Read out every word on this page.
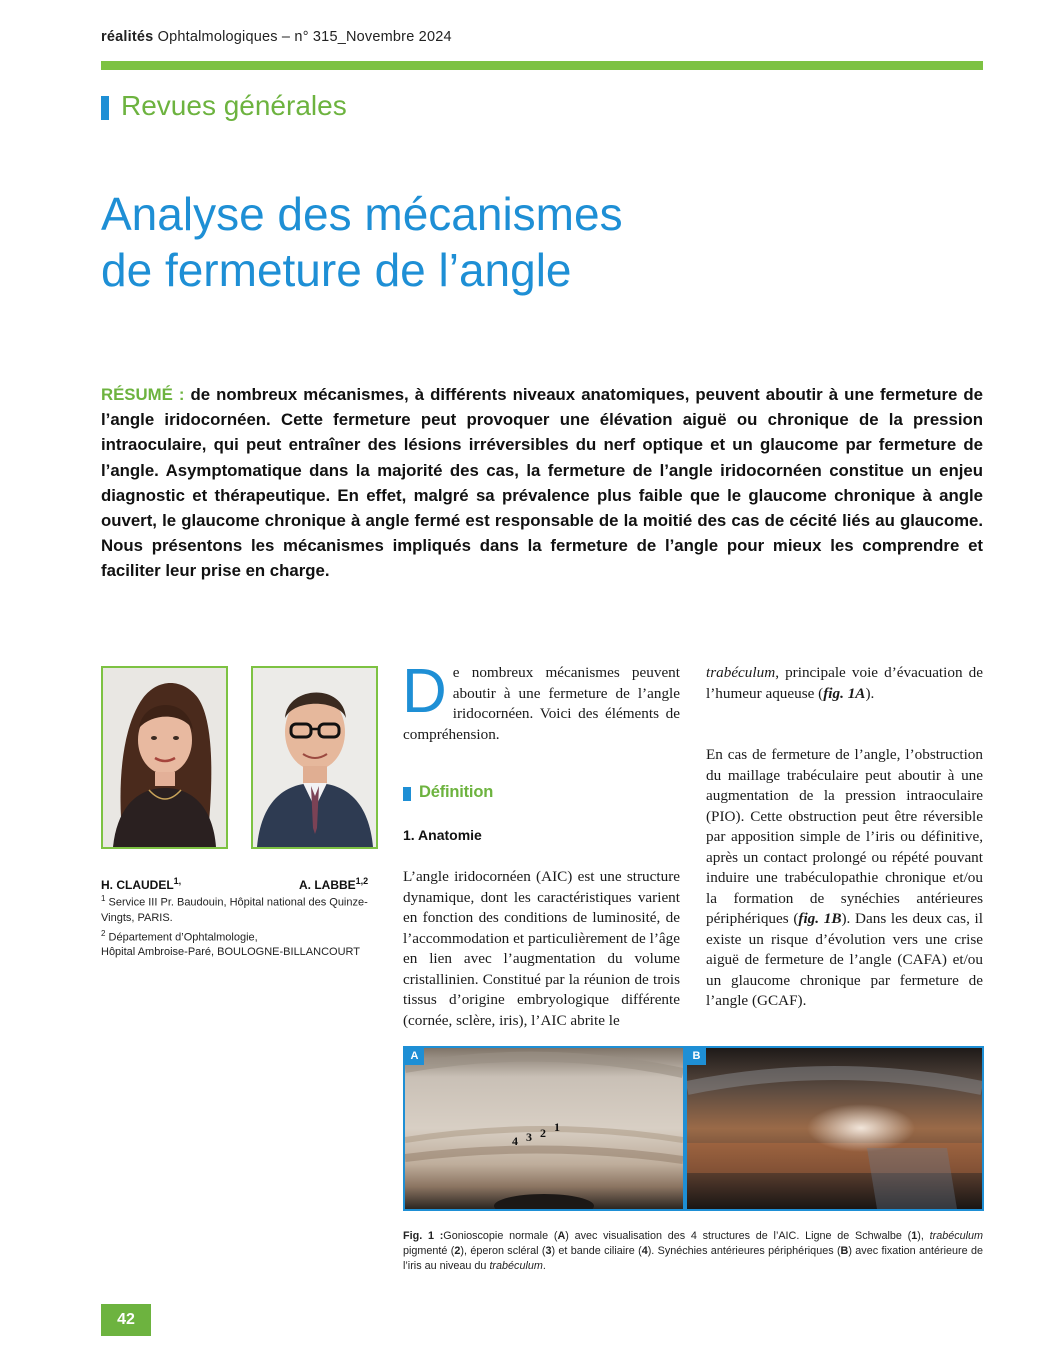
réalités Ophtalmologiques – n° 315_Novembre 2024
Revues générales
Analyse des mécanismes
de fermeture de l’angle
RÉSUMÉ : de nombreux mécanismes, à différents niveaux anatomiques, peuvent aboutir à une fermeture de l’angle iridocornéen. Cette fermeture peut provoquer une élévation aiguë ou chronique de la pression intraoculaire, qui peut entraîner des lésions irréversibles du nerf optique et un glaucome par fermeture de l’angle. Asymptomatique dans la majorité des cas, la fermeture de l’angle iridocornéen constitue un enjeu diagnostic et thérapeutique. En effet, malgré sa prévalence plus faible que le glaucome chronique à angle ouvert, le glaucome chronique à angle fermé est responsable de la moitié des cas de cécité liés au glaucome. Nous présentons les mécanismes impliqués dans la fermeture de l’angle pour mieux les comprendre et faciliter leur prise en charge.
H. $CLAUDEL^{1,}$	A. LABBE$^{1,2}$
$^1$ Service III Pr. Baudouin, Hôpital national des Quinze-Vingts, PARIS.
$^2$ Département d’Ophtalmologie,
Hôpital Ambroise-Paré, BOULOGNE-BILLANCOURT
De nombreux mécanismes peuvent aboutir à une fermeture de l’angle iridocornéen. Voici des éléments de compréhension.
Définition
1. Anatomie
L’angle iridocornéen (AIC) est une structure dynamique, dont les caractéristiques varient en fonction des conditions de luminosité, de l’accommodation et particulièrement de l’âge en lien avec l’augmentation du volume cristallinien. Constitué par la réunion de trois tissus d’origine embryologique différente (cornée, sclère, iris), l’AIC abrite le
trabéculum, principale voie d’évacuation de l’humeur aqueuse (fig. 1A).
En cas de fermeture de l’angle, l’obstruction du maillage trabéculaire peut aboutir à une augmentation de la pression intraoculaire (PIO). Cette obstruction peut être réversible par apposition simple de l’iris ou définitive, après un contact prolongé ou répété pouvant induire une trabéculopathie chronique et/ou la formation de synéchies antérieures périphériques (fig. 1B). Dans les deux cas, il existe un risque d’évolution vers une crise aiguë de fermeture de l’angle (CAFA) et/ou un glaucome chronique par fermeture de l’angle (GCAF).
A
4 3 2 1
B
Fig. 1 :Gonioscopie normale (A) avec visualisation des 4 structures de l’AIC. Ligne de Schwalbe (1), trabéculum pigmenté (2), éperon scléral (3) et bande ciliaire (4). Synéchies antérieures périphériques (B) avec fixation antérieure de l’iris au niveau du trabéculum.
42
